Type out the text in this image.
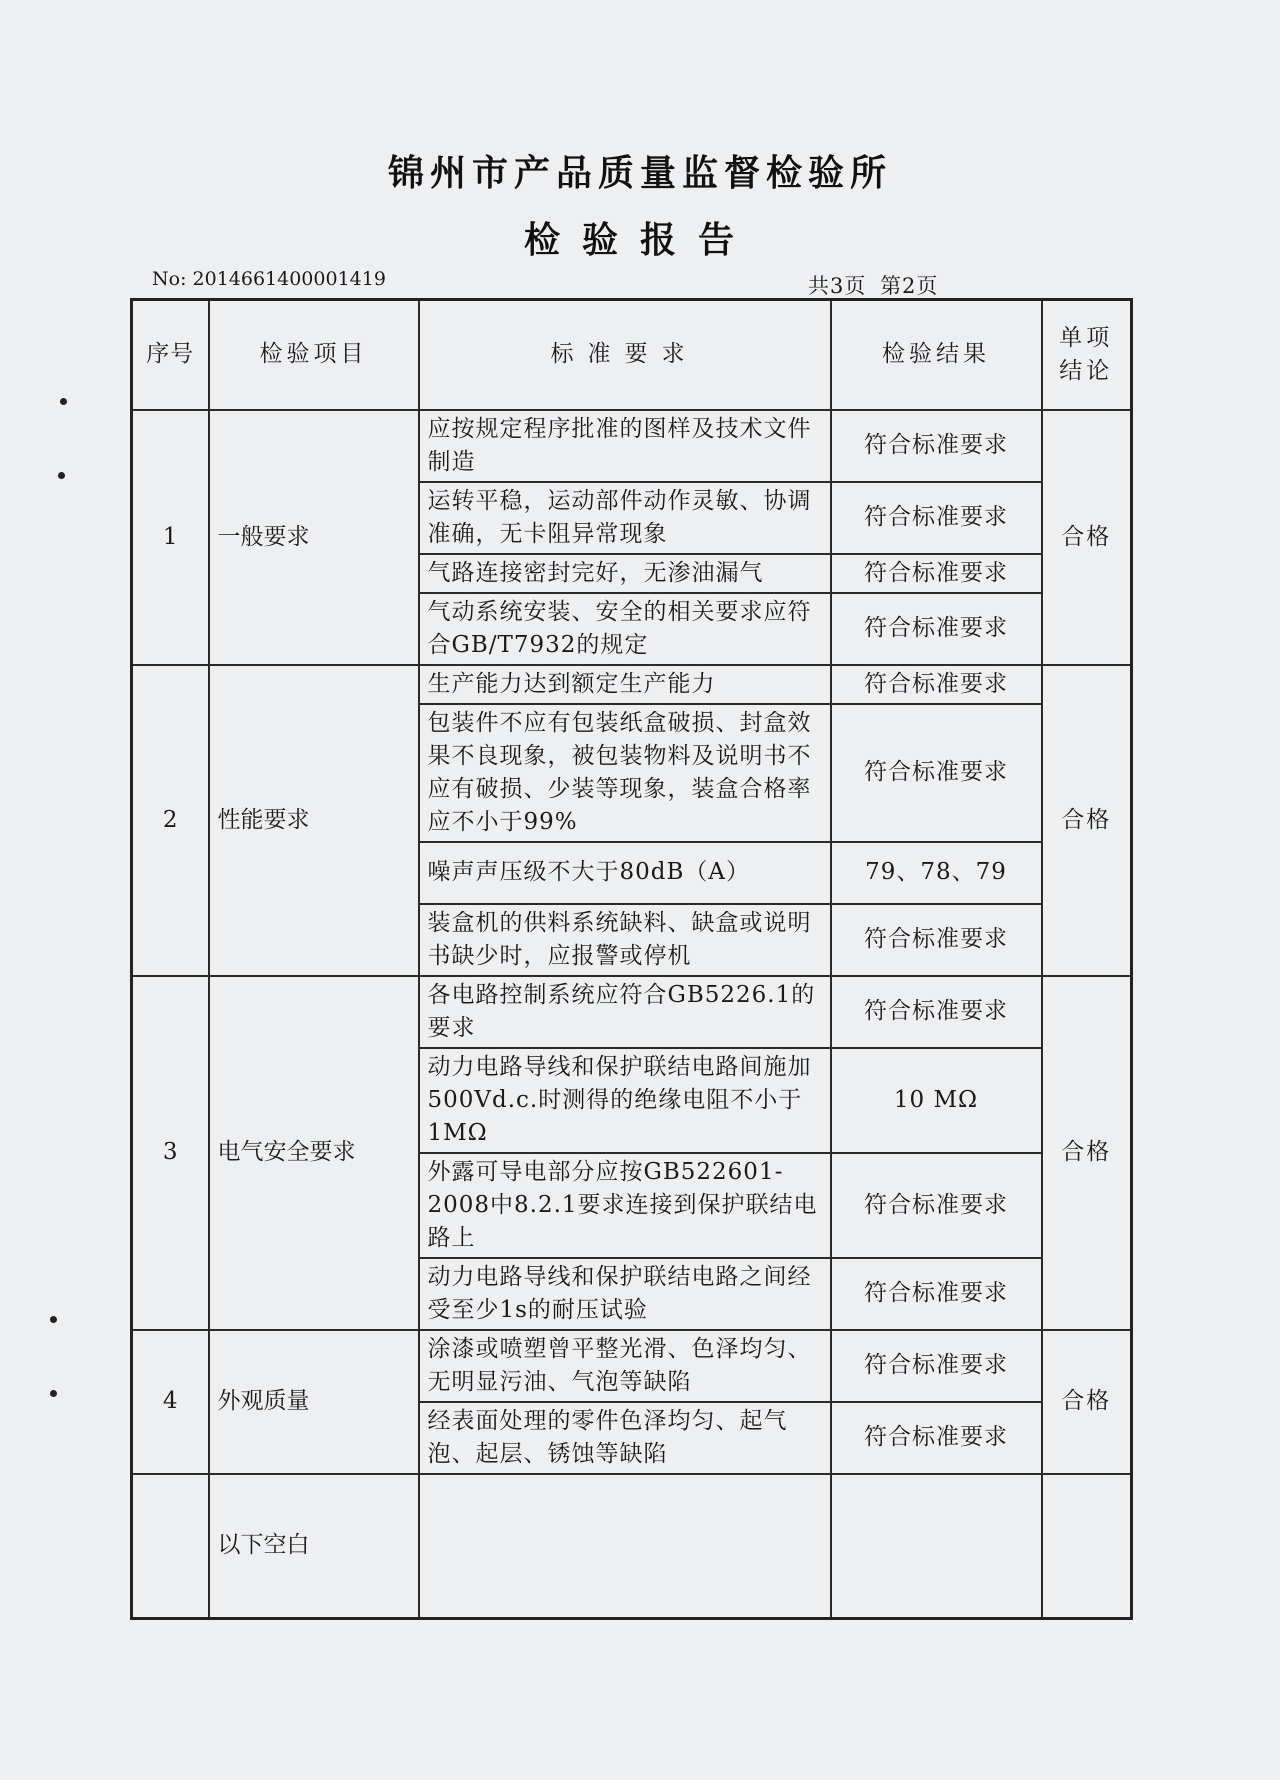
锦州市产品质量监督检验所
检验报告
No: 2014661400001419	共3页 第2页
序号	检验项目	标准要求	检验结果	单项结论
1	一般要求	应按规定程序批准的图样及技术文件制造	符合标准要求	合格
		运转平稳，运动部件动作灵敏、协调准确，无卡阻异常现象	符合标准要求	
		气路连接密封完好，无渗油漏气	符合标准要求	
		气动系统安装、安全的相关要求应符合GB/T7932的规定	符合标准要求	
2	性能要求	生产能力达到额定生产能力	符合标准要求	合格
		包装件不应有包装纸盒破损、封盒效果不良现象，被包装物料及说明书不应有破损、少装等现象，装盒合格率应不小于99%	符合标准要求	
		噪声声压级不大于80dB（A）	79、78、79	
		装盒机的供料系统缺料、缺盒或说明书缺少时，应报警或停机	符合标准要求	
3	电气安全要求	各电路控制系统应符合GB5226.1的要求	符合标准要求	合格
		动力电路导线和保护联结电路间施加500Vd.c.时测得的绝缘电阻不小于1MΩ	10 MΩ	
		外露可导电部分应按GB522601-2008中8.2.1要求连接到保护联结电路上	符合标准要求	
		动力电路导线和保护联结电路之间经受至少1s的耐压试验	符合标准要求	
4	外观质量	涂漆或喷塑曾平整光滑、色泽均匀、无明显污油、气泡等缺陷	符合标准要求	合格
		经表面处理的零件色泽均匀、起气泡、起层、锈蚀等缺陷	符合标准要求	
	以下空白			
